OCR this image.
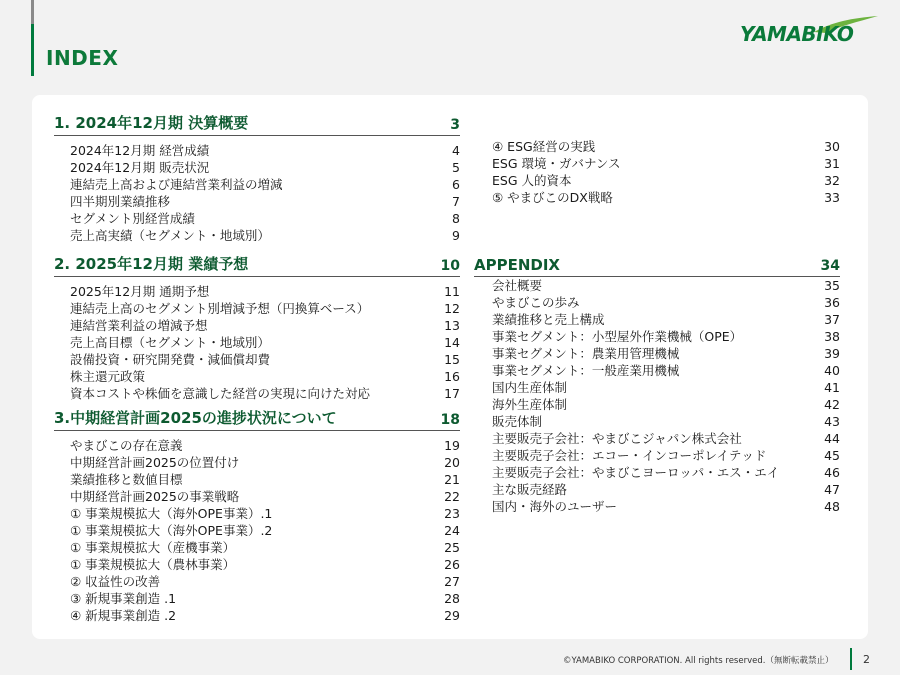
INDEX
YAMABIKO
1. 2024年12月期 決算概要	3
2024年12月期 経営成績	4
2024年12月期 販売状況	5
連結売上高および連結営業利益の増減	6
四半期別業績推移	7
セグメント別経営成績	8
売上高実績（セグメント・地域別）	9
2. 2025年12月期 業績予想	10
2025年12月期 通期予想	11
連結売上高のセグメント別増減予想（円換算ベース）	12
連結営業利益の増減予想	13
売上高目標（セグメント・地域別）	14
設備投資・研究開発費・減価償却費	15
株主還元政策	16
資本コストや株価を意識した経営の実現に向けた対応	17
3.中期経営計画2025の進捗状況について	18
やまびこの存在意義	19
中期経営計画2025の位置付け	20
業績推移と数値目標	21
中期経営計画2025の事業戦略	22
① 事業規模拡大（海外OPE事業）.1	23
① 事業規模拡大（海外OPE事業）.2	24
① 事業規模拡大（産機事業）	25
① 事業規模拡大（農林事業）	26
② 収益性の改善	27
③ 新規事業創造 .1	28
④ 新規事業創造 .2	29
④ ESG経営の実践	30
ESG 環境・ガバナンス	31
ESG 人的資本	32
⑤ やまびこのDX戦略	33
APPENDIX	34
会社概要	35
やまびこの歩み	36
業績推移と売上構成	37
事業セグメント：小型屋外作業機械（OPE）	38
事業セグメント：農業用管理機械	39
事業セグメント：一般産業用機械	40
国内生産体制	41
海外生産体制	42
販売体制	43
主要販売子会社：やまびこジャパン株式会社	44
主要販売子会社：エコー・インコーポレイテッド	45
主要販売子会社：やまびこヨーロッパ・エス・エイ	46
主な販売経路	47
国内・海外のユーザー	48
©YAMABIKO CORPORATION. All rights reserved.（無断転載禁止）	2
